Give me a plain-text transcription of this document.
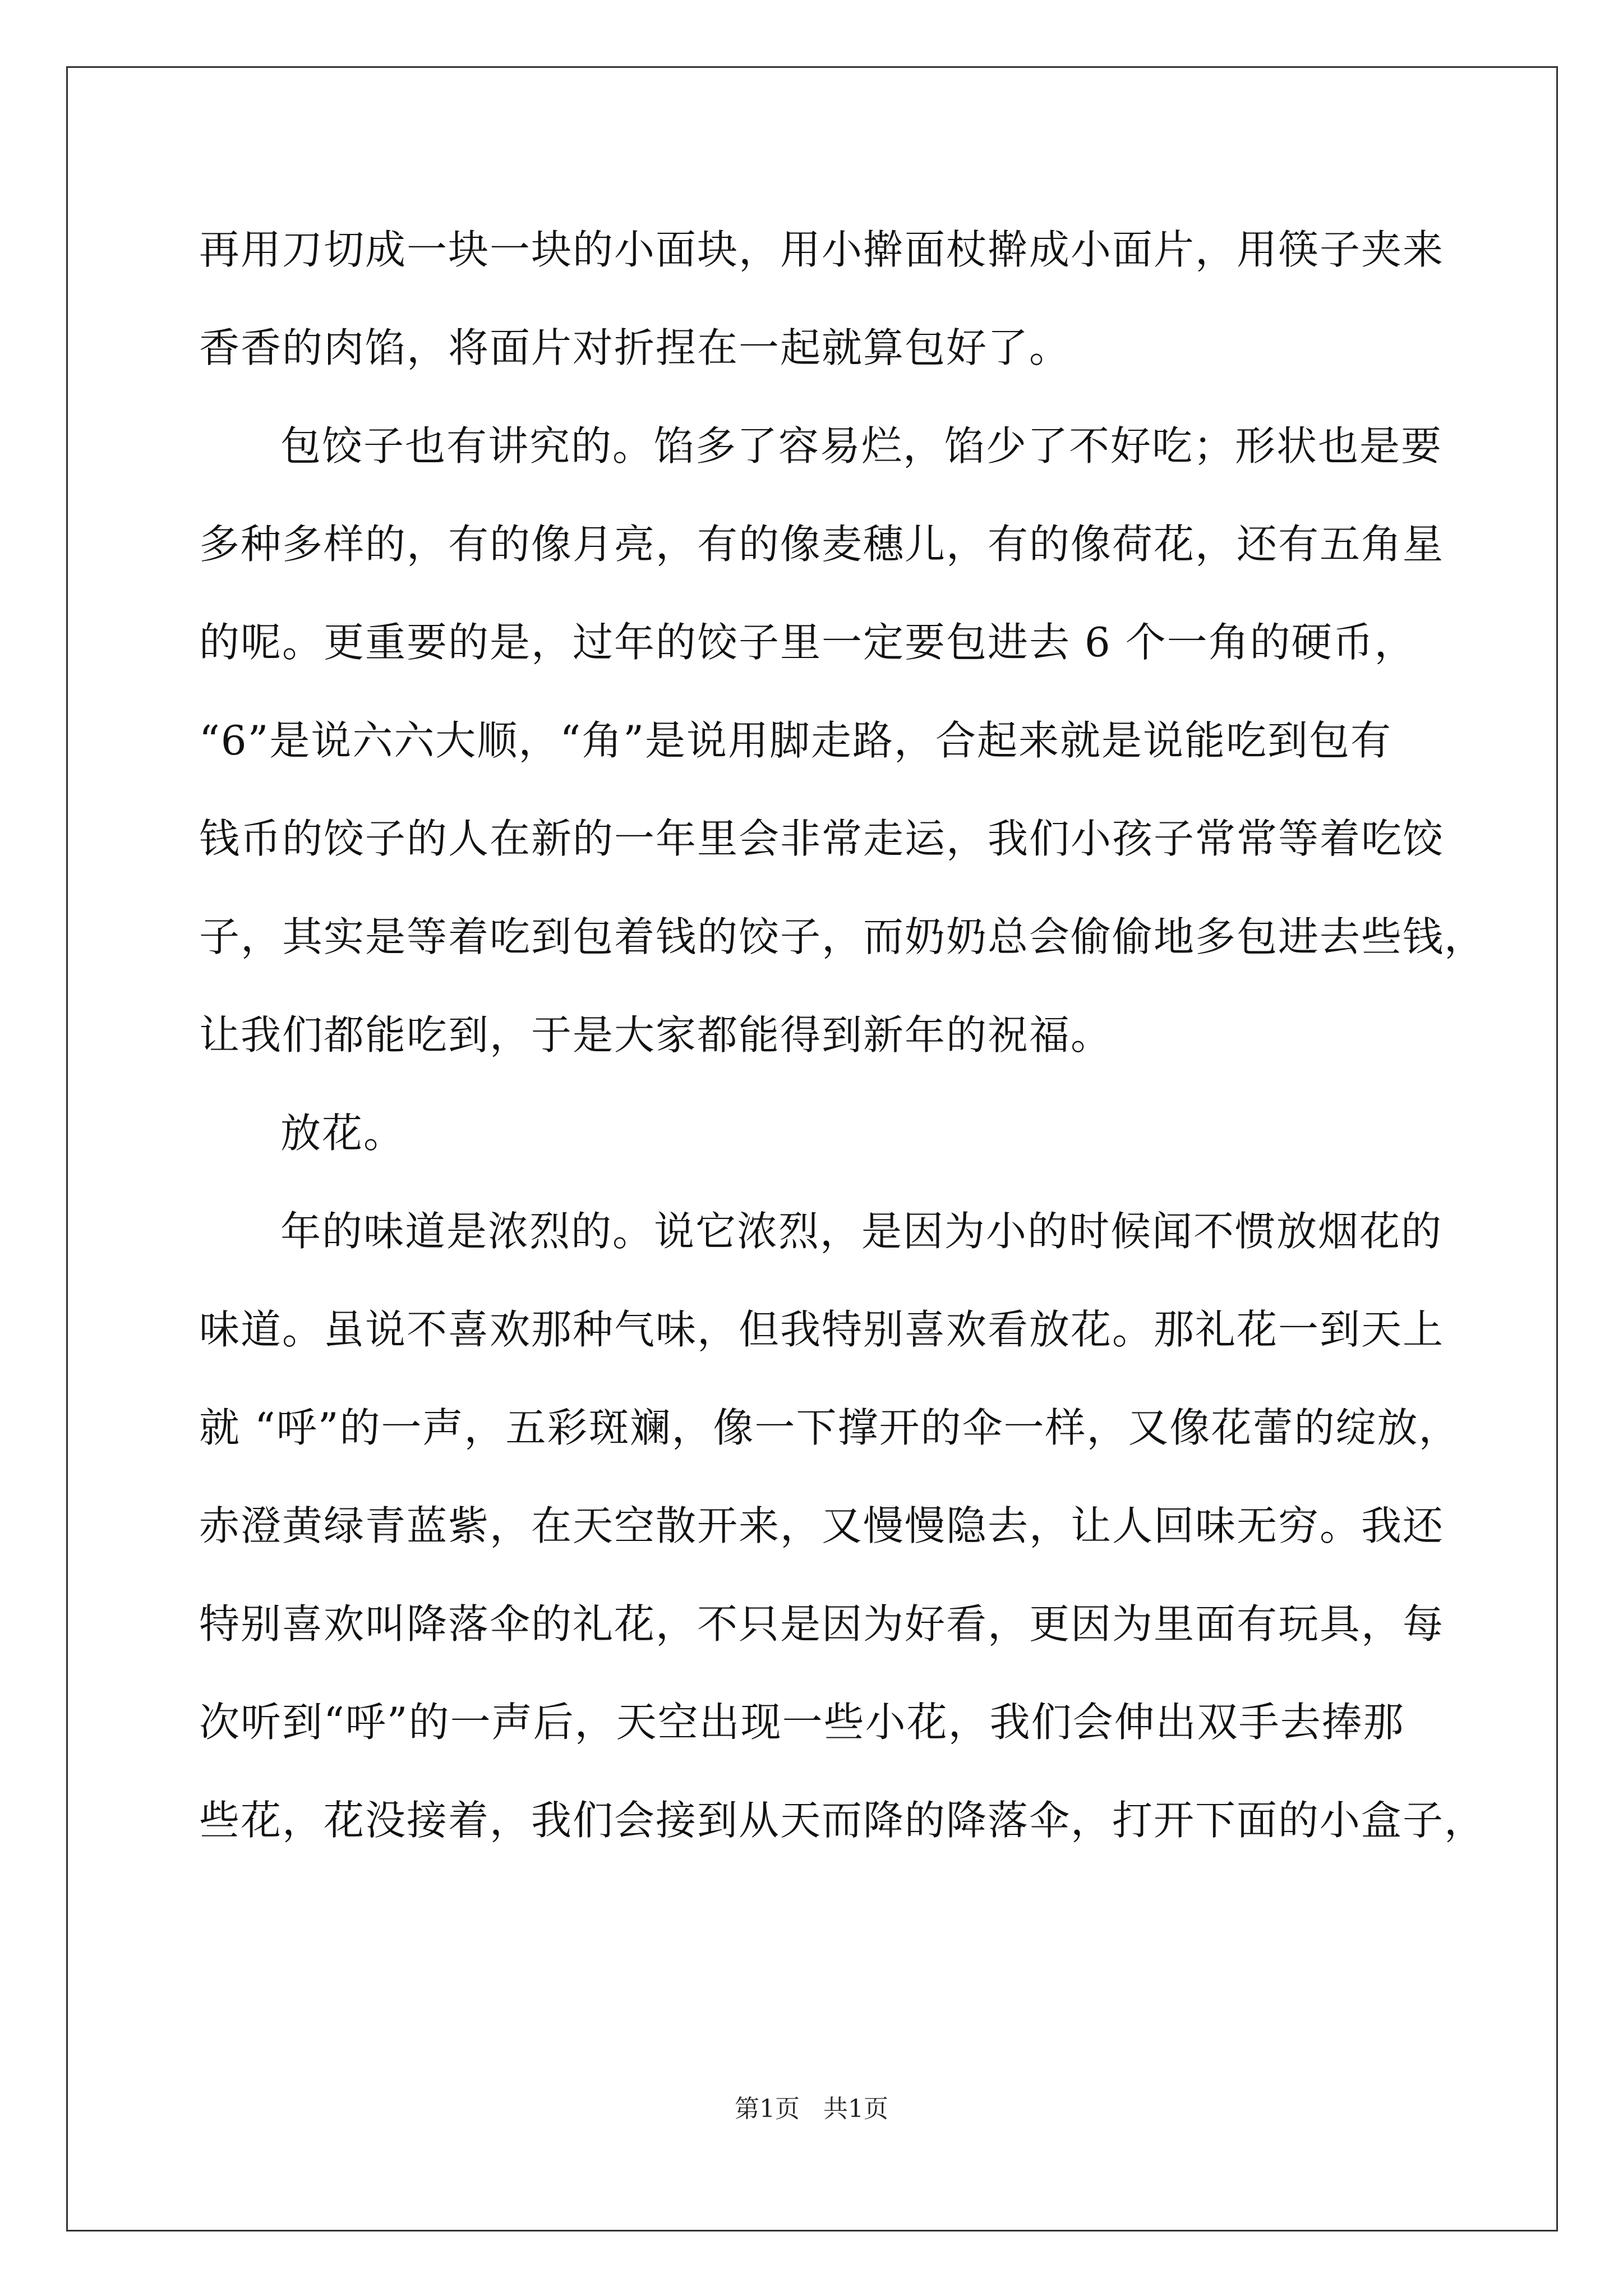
再用刀切成一块一块的小面块，用小擀面杖擀成小面片，用筷子夹来
香香的肉馅，将面片对折捏在一起就算包好了。
包饺子也有讲究的。馅多了容易烂，馅少了不好吃；形状也是要
多种多样的，有的像月亮，有的像麦穗儿，有的像荷花，还有五角星
的呢。更重要的是，过年的饺子里一定要包进去 6 个一角的硬币，
“6”是说六六大顺，“角”是说用脚走路，合起来就是说能吃到包有
钱币的饺子的人在新的一年里会非常走运，我们小孩子常常等着吃饺
子，其实是等着吃到包着钱的饺子，而奶奶总会偷偷地多包进去些钱，
让我们都能吃到，于是大家都能得到新年的祝福。
放花。
年的味道是浓烈的。说它浓烈，是因为小的时候闻不惯放烟花的
味道。虽说不喜欢那种气味，但我特别喜欢看放花。那礼花一到天上
就 “呼”的一声，五彩斑斓，像一下撑开的伞一样，又像花蕾的绽放，
赤澄黄绿青蓝紫，在天空散开来，又慢慢隐去，让人回味无穷。我还
特别喜欢叫降落伞的礼花，不只是因为好看，更因为里面有玩具，每
次听到“呼”的一声后，天空出现一些小花，我们会伸出双手去捧那
些花，花没接着，我们会接到从天而降的降落伞，打开下面的小盒子，
第1页 共1页
